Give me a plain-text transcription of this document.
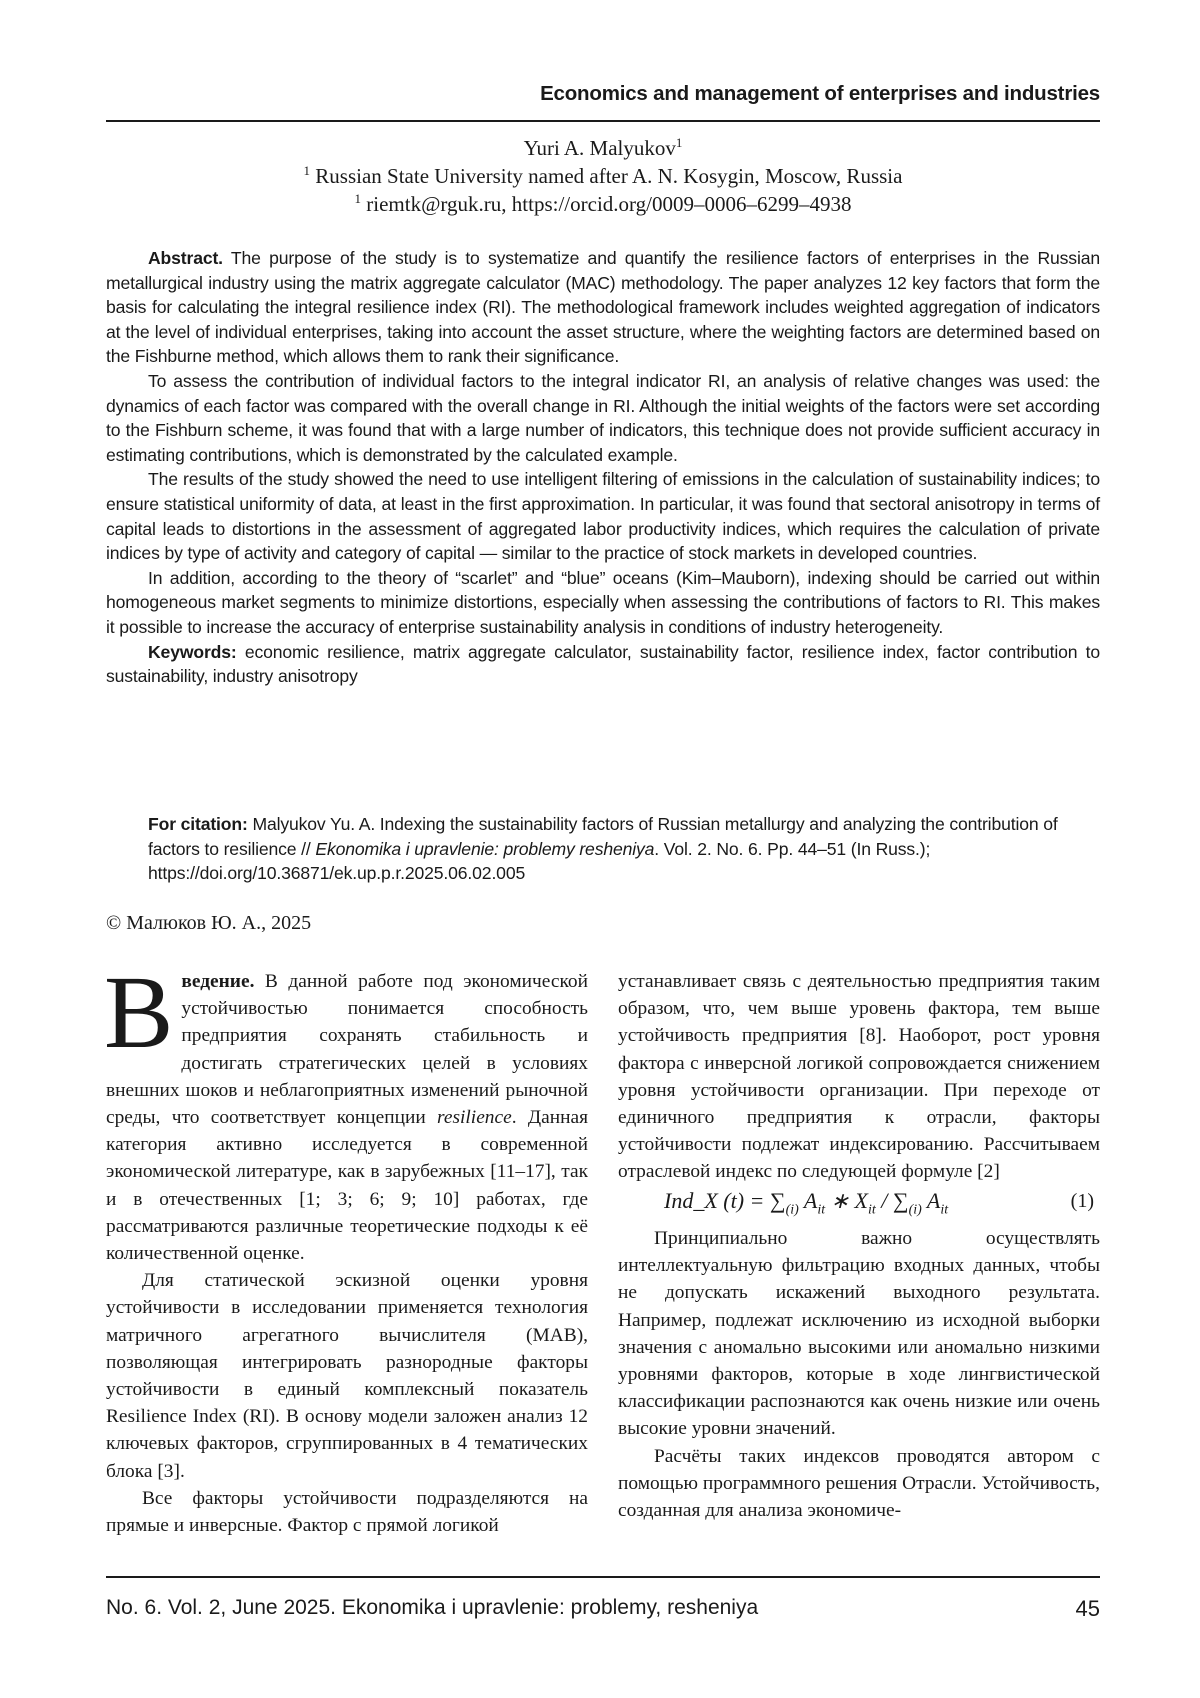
Economics and management of enterprises and industries
Yuri A. Malyukov$^1$
$^1$ Russian State University named after A. N. Kosygin, Moscow, Russia
$^1$ riemtk@rguk.ru, https://orcid.org/0009–0006–6299–4938

Abstract. The purpose of the study is to systematize and quantify the resilience factors of enterprises in the Russian metallurgical industry using the matrix aggregate calculator (MAC) methodology. The paper analyzes 12 key factors that form the basis for calculating the integral resilience index (RI). The methodological framework includes weighted aggregation of indicators at the level of individual enterprises, taking into account the asset structure, where the weighting factors are determined based on the Fishburne method, which allows them to rank their significance.

To assess the contribution of individual factors to the integral indicator RI, an analysis of relative changes was used: the dynamics of each factor was compared with the overall change in RI. Although the initial weights of the factors were set according to the Fishburn scheme, it was found that with a large number of indicators, this technique does not provide sufficient accuracy in estimating contributions, which is demonstrated by the calculated example.

The results of the study showed the need to use intelligent filtering of emissions in the calculation of sustainability indices; to ensure statistical uniformity of data, at least in the first approximation. In particular, it was found that sectoral anisotropy in terms of capital leads to distortions in the assessment of aggregated labor productivity indices, which requires the calculation of private indices by type of activity and category of capital — similar to the practice of stock markets in developed countries.

In addition, according to the theory of “scarlet” and “blue” oceans (Kim–Mauborn), indexing should be carried out within homogeneous market segments to minimize distortions, especially when assessing the contributions of factors to RI. This makes it possible to increase the accuracy of enterprise sustainability analysis in conditions of industry heterogeneity.

Keywords: economic resilience, matrix aggregate calculator, sustainability factor, resilience index, factor contribution to sustainability, industry anisotropy

For citation: Malyukov Yu. A. Indexing the sustainability factors of Russian metallurgy and analyzing the contribution of factors to resilience // Ekonomika i upravlenie: problemy resheniya. Vol. 2. No. 6. Pp. 44–51 (In Russ.); https://doi.org/10.36871/ek.up.p.r.2025.06.02.005
© Малюков Ю. А., 2025

Введение. В данной работе под экономической устойчивостью понимается способность предприятия сохранять стабильность и достигать стратегических целей в условиях внешних шоков и неблагоприятных изменений рыночной среды, что соответствует концепции resilience. Данная категория активно исследуется в современной экономической литературе, как в зарубежных [11–17], так и в отечественных [1; 3; 6; 9; 10] работах, где рассматриваются различные теоретические подходы к её количественной оценке.

Для статической эскизной оценки уровня устойчивости в исследовании применяется технология матричного агрегатного вычислителя (MAB), позволяющая интегрировать разнородные факторы устойчивости в единый комплексный показатель Resilience Index (RI). В основу модели заложен анализ 12 ключевых факторов, сгруппированных в 4 тематических блока [3].

Все факторы устойчивости подразделяются на прямые и инверсные. Фактор с прямой логикой

устанавливает связь с деятельностью предприятия таким образом, что, чем выше уровень фактора, тем выше устойчивость предприятия [8]. Наоборот, рост уровня фактора с инверсной логикой сопровождается снижением уровня устойчивости организации. При переходе от единичного предприятия к отрасли, факторы устойчивости подлежат индексированию. Рассчитываем отраслевой индекс по следующей формуле [2]

Ind_X $(t) = \sum_{(i)}$ $A_{it}$ ∗ $X_{it} / \sum_{(i)}$ $A_{it}$	(1)

Принципиально важно осуществлять интеллектуальную фильтрацию входных данных, чтобы не допускать искажений выходного результата. Например, подлежат исключению из исходной выборки значения с аномально высокими или аномально низкими уровнями факторов, которые в ходе лингвистической классификации распознаются как очень низкие или очень высокие уровни значений.

Расчёты таких индексов проводятся автором с помощью программного решения Отрасли. Устойчивость, созданная для анализа экономиче-

No. 6. Vol. 2, June 2025. Ekonomika i upravlenie: problemy, resheniya	45
